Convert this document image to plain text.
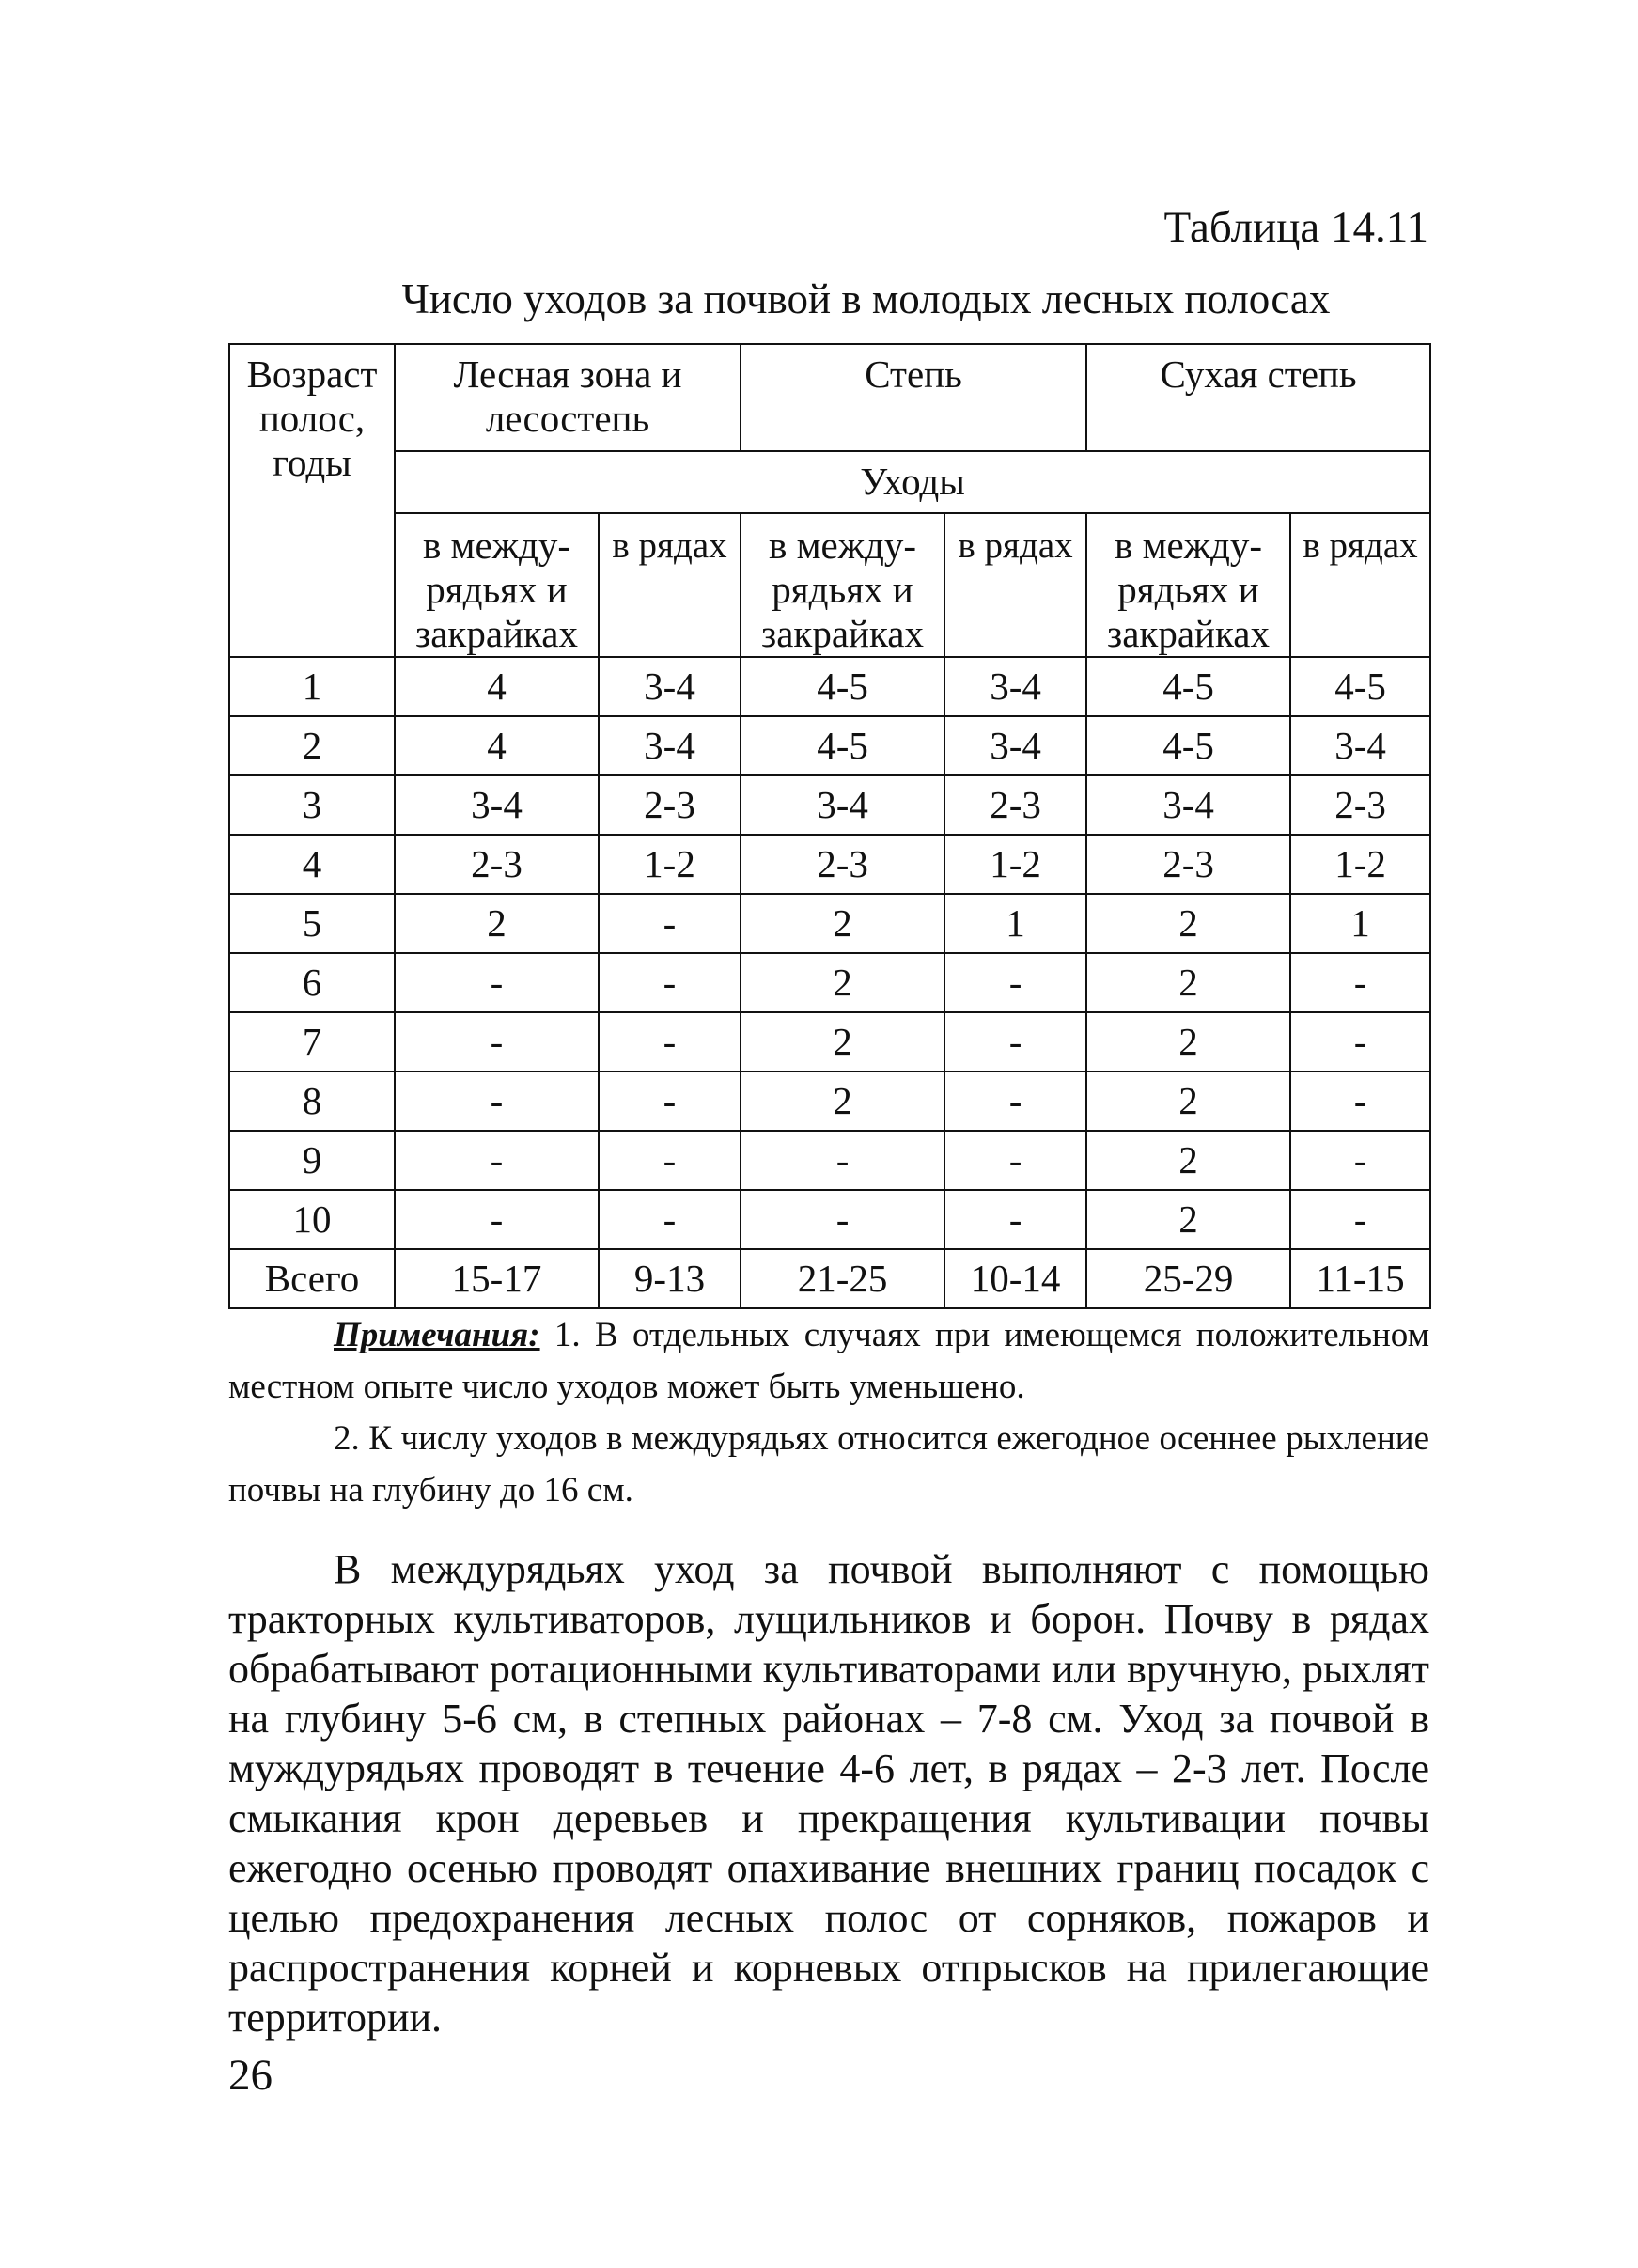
Таблица 14.11
Число уходов за почвой в молодых лесных полосах
Возраст полос, годы	Лесная зона и лесостепь		Степь		Сухая степь	
	Уходы					
	в между-рядьях и закрайках	в рядах	в между-рядьях и закрайках	в рядах	в между-рядьях и закрайках	в рядах
1	4	3-4	4-5	3-4	4-5	4-5
2	4	3-4	4-5	3-4	4-5	3-4
3	3-4	2-3	3-4	2-3	3-4	2-3
4	2-3	1-2	2-3	1-2	2-3	1-2
5	2	-	2	1	2	1
6	-	-	2	-	2	-
7	-	-	2	-	2	-
8	-	-	2	-	2	-
9	-	-	-	-	2	-
10	-	-	-	-	2	-
Всего	15-17	9-13	21-25	10-14	25-29	11-15

Примечания: 1. В отдельных случаях при имеющемся положительном местном опыте число уходов может быть уменьшено.

2. К числу уходов в междурядьях относится ежегодное осеннее рыхление почвы на глубину до 16 см.

В междурядьях уход за почвой выполняют с помощью тракторных культиваторов, лущильников и борон. Почву в рядах обрабатывают ротационными культиваторами или вручную, рыхлят на глубину 5-6 см, в степных районах – 7-8 см. Уход за почвой в муждурядьях проводят в течение 4-6 лет, в рядах – 2-3 лет. После смыкания крон деревьев и прекращения культивации почвы ежегодно осенью проводят опахивание внешних границ посадок с целью предохранения лесных полос от сорняков, пожаров и распространения корней и корневых отпрысков на прилегающие территории.

26
